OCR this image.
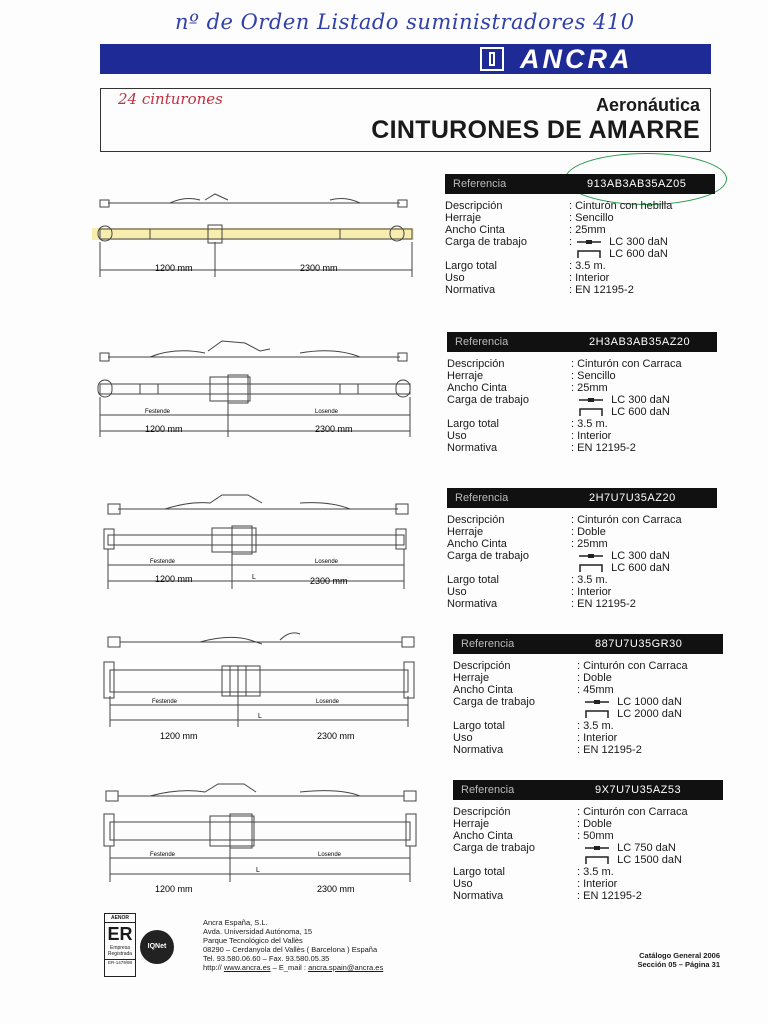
nº de Orden Listado suministradores 410
24 cinturones
ANCRA
Aeronáutica
CINTURONES DE AMARRE
1200 mm	2300 mm
Referencia	913AB3AB35AZ05
Descripción	: Cinturón con hebilla
Herraje	: Sencillo
Ancho Cinta	: 25mm
Carga de trabajo	:	LC 300 daN
LC 600 daN
Largo total	: 3.5 m.
Uso	: Interior
Normativa	: EN 12195-2
Festende	Losende
1200 mm	2300 mm
Referencia	2H3AB3AB35AZ20
Descripción	: Cinturón con Carraca
Herraje	: Sencillo
Ancho Cinta	: 25mm
Carga de trabajo	LC 300 daN
LC 600 daN
Largo total	: 3.5 m.
Uso	: Interior
Normativa	: EN 12195-2
Festende	Losende
L
1200 mm	2300 mm
Referencia	2H7U7U35AZ20
Descripción	: Cinturón con Carraca
Herraje	: Doble
Ancho Cinta	: 25mm
Carga de trabajo	LC 300 daN
LC 600 daN
Largo total	: 3.5 m.
Uso	: Interior
Normativa	: EN 12195-2
Festende	Losende
L
1200 mm	2300 mm
Referencia	887U7U35GR30
Descripción	: Cinturón con Carraca
Herraje	: Doble
Ancho Cinta	: 45mm
Carga de trabajo	LC 1000 daN
LC 2000 daN
Largo total	: 3.5 m.
Uso	: Interior
Normativa	: EN 12195-2
Festende	Losende
L
1200 mm	2300 mm
Referencia	9X7U7U35AZ53
Descripción	: Cinturón con Carraca
Herraje	: Doble
Ancho Cinta	: 50mm
Carga de trabajo	LC 750 daN
LC 1500 daN
Largo total	: 3.5 m.
Uso	: Interior
Normativa	: EN 12195-2
AENOR
ER
Empresa Registrada
ER-1479/98
IQNet
Ancra España, S.L.
Avda. Universidad Autónoma, 15
Parque Tecnológico del Vallès
08290 – Cerdanyola del Vallès ( Barcelona ) España
Tel. 93.580.06.60 – Fax. 93.580.05.35
http:// www.ancra.es – E_mail : ancra.spain@ancra.es
Catálogo General 2006
Sección 05 – Página 31
